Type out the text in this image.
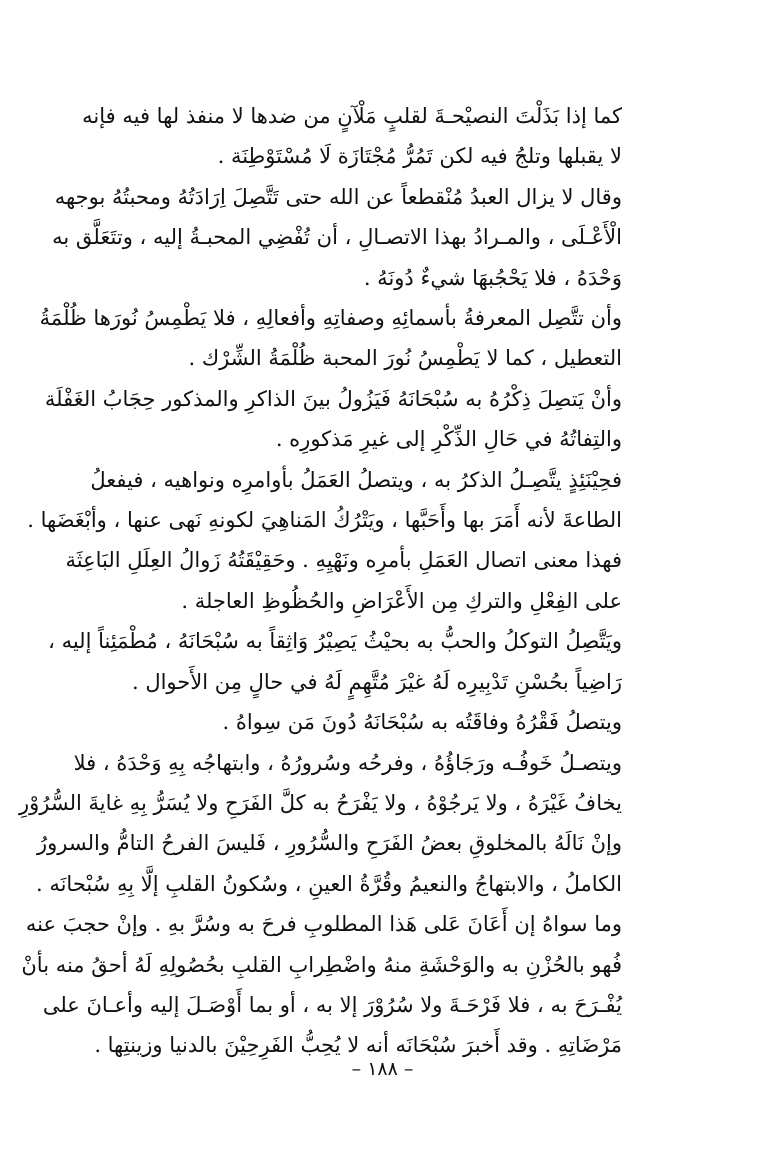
كما إذا بَذَلْتَ النصيْحـةَ لقلبٍ مَلْآنٍ من ضدها لا منفذ لها فيه فإنه
لا يقبلها وتلجُ فيه لكن تَمُرُّ مُجْتَازَة لَا مُسْتَوْطِنَة .

وقال لا يزال العبدُ مُنْقطعاً عن الله حتى تَتَّصِلَ اِرَادَتُهُ ومحبتُهُ بوجهه
الْأَعْـلَى ، والمـرادُ بهذا الاتصـالِ ، أن تُفْضِي المحبـةُ إليه ، وتتَعَلَّق به
وَحْدَهُ ، فلا يَحْجُبهَا شيءٌ دُونَهُ .

وأن تتَّصِل المعرفةُ بأسمائِهِ وصفاتِهِ وأفعالِهِ ، فلا يَطْمِسُ نُورَها ظُلْمَةُ
التعطيل ، كما لا يَطْمِسُ نُورَ المحبة ظُلْمَةُ الشِّرْك .

وأنْ يَتصِلَ ذِكْرُهُ به سُبْحَانَهُ فَيَزُولُ بينَ الذاكرِ والمذكور حِجَابُ الغَفْلَة
والتِفاتُهُ في حَالِ الذِّكْرِ إلى غيرِ مَذكورِه .

فحِيْنَئِذٍ يتَّصِـلُ الذكرُ به ، ويتصلُ العَمَلُ بأوامرِه ونواهيه ، فيفعلُ
الطاعةَ لأنه أَمَرَ بها وأَحَبَّها ، ويَتْرُكُ المَناهِيَ لكونهِ نَهى عنها ، وأبْغَضَها .

فهذا معنى اتصال العَمَلِ بأمرِه ونَهْيِهِ . وحَقِيْقَتُهُ زَوالُ العِلَلِ البَاعِثَة
على الفِعْلِ والتركِ مِن الأَعْرَاضِ والحُظُوظِ العاجلة .

ويَتَّصِلُ التوكلُ والحبُّ به بحيْثُ يَصِيْرُ وَاثِقاً به سُبْحَانَهُ ، مُطْمَئِناً إليه ،
رَاضِياً بحُسْنِ تَدْبِيرِه لَهُ غيْرَ مُتَّهِمٍ لَهُ في حالٍ مِن الأَحوال .

ويتصلُ فَقْرُهُ وفاقَتُه به سُبْحَانَهُ دُونَ مَن سِواهُ .

ويتصـلُ خَوفُـه ورَجَاؤُهُ ، وفرحُه وسُرورُهُ ، وابتهاجُه بِهِ وَحْدَهُ ، فلا
يخافُ غَيْرَهُ ، ولا يَرجُوْهُ ، ولا يَفْرَحُ به كلَّ الفَرَحِ ولا يُسَرُّ بِهِ غايةَ السُّرُوْرِ

وإنْ نَالَهُ بالمخلوقِ بعضُ الفَرَحِ والسُّرُورِ ، فَليسَ الفرحُ التامُّ والسرورُ
الكاملُ ، والابتهاجُ والنعيمُ وقُرَّةُ العينِ ، وسُكونُ القلبِ إلَّا بِهِ سُبْحانَه .

وما سواهُ إن أَعَانَ عَلى هَذا المطلوبِ فرحَ به وسُرَّ بهِ . وإنْ حجبَ عنه
فُهو بالحُزْنِ به والوَحْشَةِ منهُ واضْطِرابِ القلبِ بحُصُولِهِ لَهُ أحقُ منه بأنْ
يُفْـرَحَ به ، فلا فَرْحَـةَ ولا سُرُوْرَ إلا به ، أو بما أَوْصَـلَ إليه وأعـانَ على
مَرْضَاتِهِ . وقد أَخبرَ سُبْحَانَه أنه لا يُحِبُّ الفَرِحِيْنَ بالدنيا وزينتِها .

– ١٨٨ –
